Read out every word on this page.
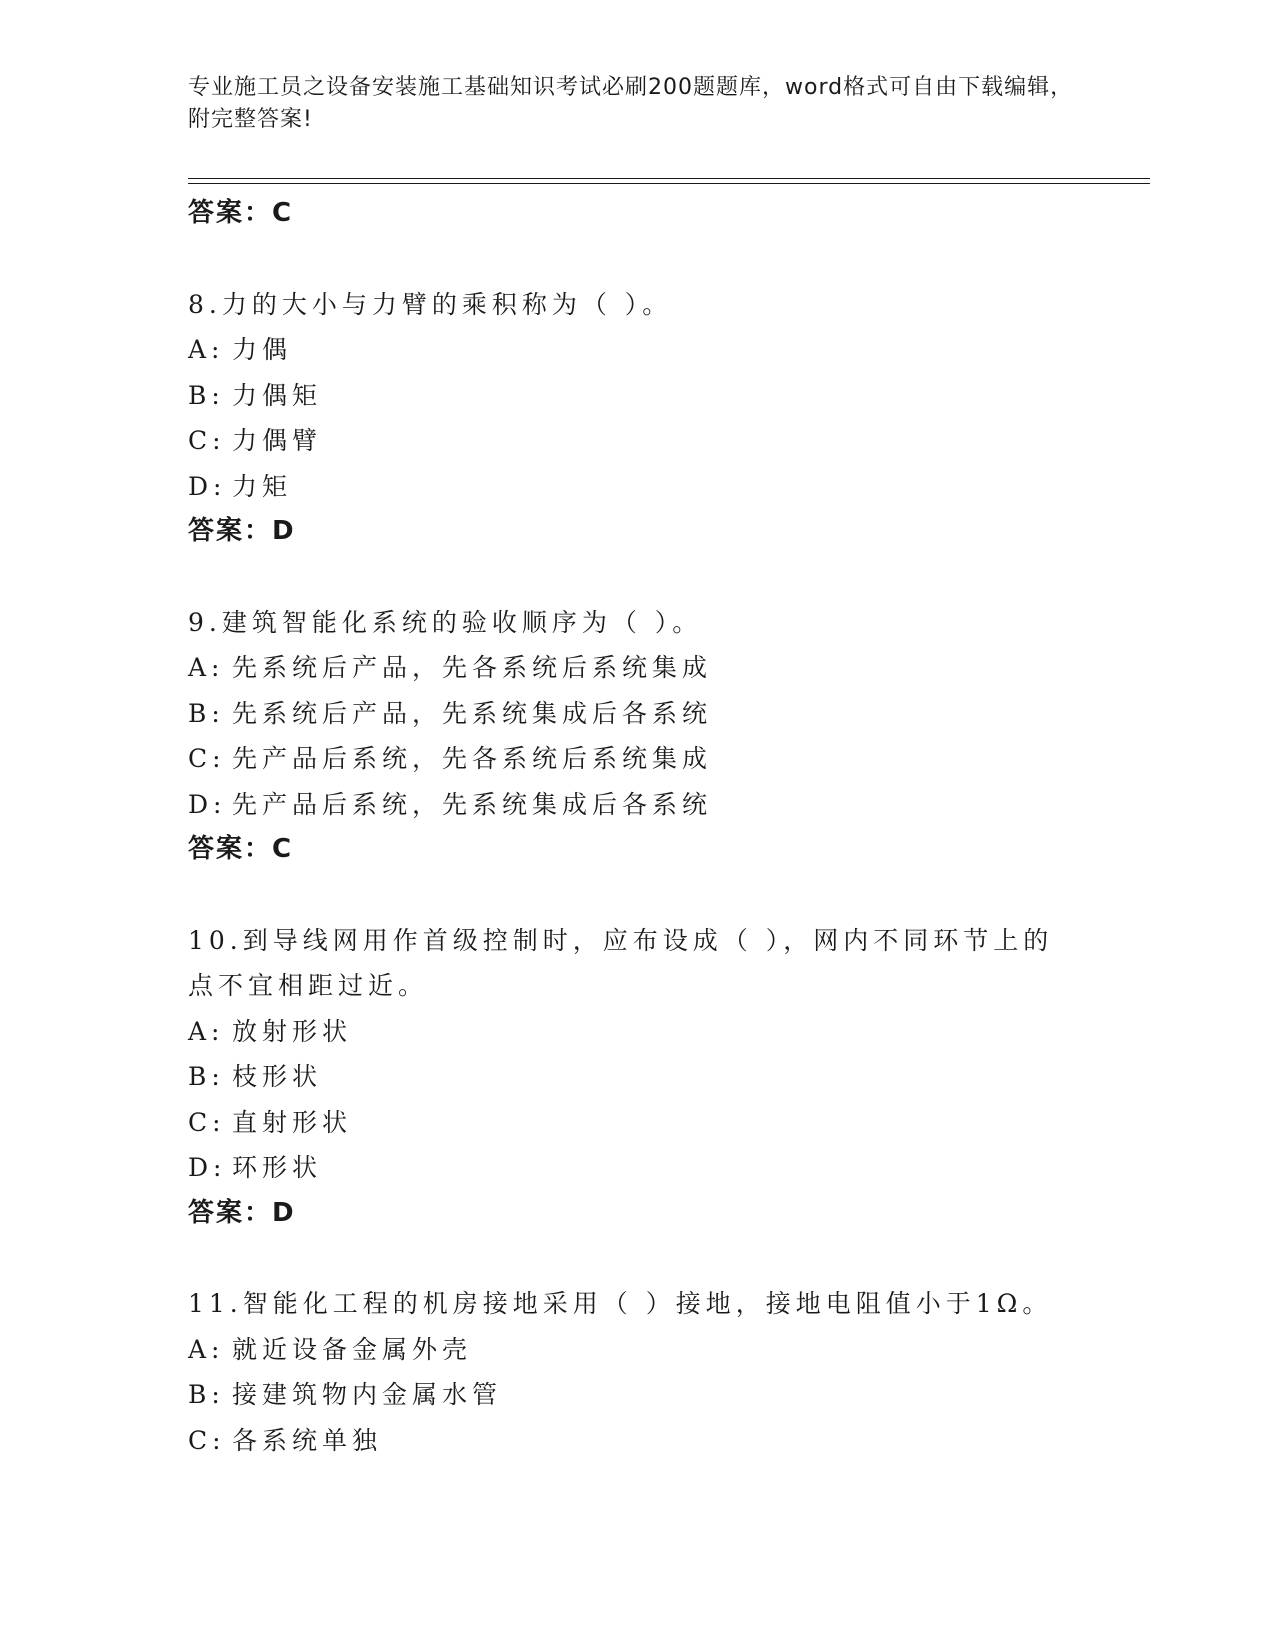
专业施工员之设备安装施工基础知识考试必刷200题题库，word格式可自由下载编辑，附完整答案!
答案：C
8.力的大小与力臂的乘积称为（ ）。
A: 力偶
B: 力偶矩
C: 力偶臂
D: 力矩
答案：D
9.建筑智能化系统的验收顺序为（ ）。
A: 先系统后产品，先各系统后系统集成
B: 先系统后产品，先系统集成后各系统
C: 先产品后系统，先各系统后系统集成
D: 先产品后系统，先系统集成后各系统
答案：C
10.到导线网用作首级控制时，应布设成（ ），网内不同环节上的点不宜相距过近。
A: 放射形状
B: 枝形状
C: 直射形状
D: 环形状
答案：D
11.智能化工程的机房接地采用（ ）接地，接地电阻值小于1Ω。
A: 就近设备金属外壳
B: 接建筑物内金属水管
C: 各系统单独
